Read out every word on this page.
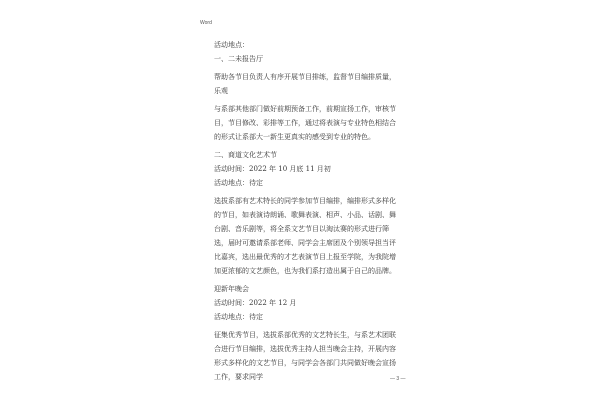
Word
活动地点：
一、二未报告厅
帮助各节目负责人有序开展节目排练，监督节目编排质量，乐观
与系部其他部门做好前期预备工作，前期宣扬工作，审核节目，节目修改、彩排等工作，通过将表演与专业特色相结合的形式让系部大一新生更真实的感受到专业的特色。
二、商道文化艺术节
活动时间：2022 年 10 月底 11 月初
活动地点：待定
选拔系部有艺术特长的同学参加节目编排，编排形式多样化的节目，如表演诗朗诵、歌舞表演、相声、小品、话剧、舞台剧、音乐剧等，将全系文艺节目以淘汰赛的形式进行筛选，届时可邀请系部老师、同学会主席团及个别领导担当评比嘉宾，选出最优秀的才艺表演节目上报至学院，为我院增加更浓郁的文艺颜色，也为我们系打造出属于自己的品牌。
迎新年晚会
活动时间：2022 年 12 月
活动地点：待定
征集优秀节目，选拔系部优秀的文艺特长生，与系艺术团联合进行节目编排，选拔优秀主持人担当晚会主持，开展内容形式多样化的文艺节目，与同学会各部门共同做好晚会宣扬工作，要求同学	— 3 —
